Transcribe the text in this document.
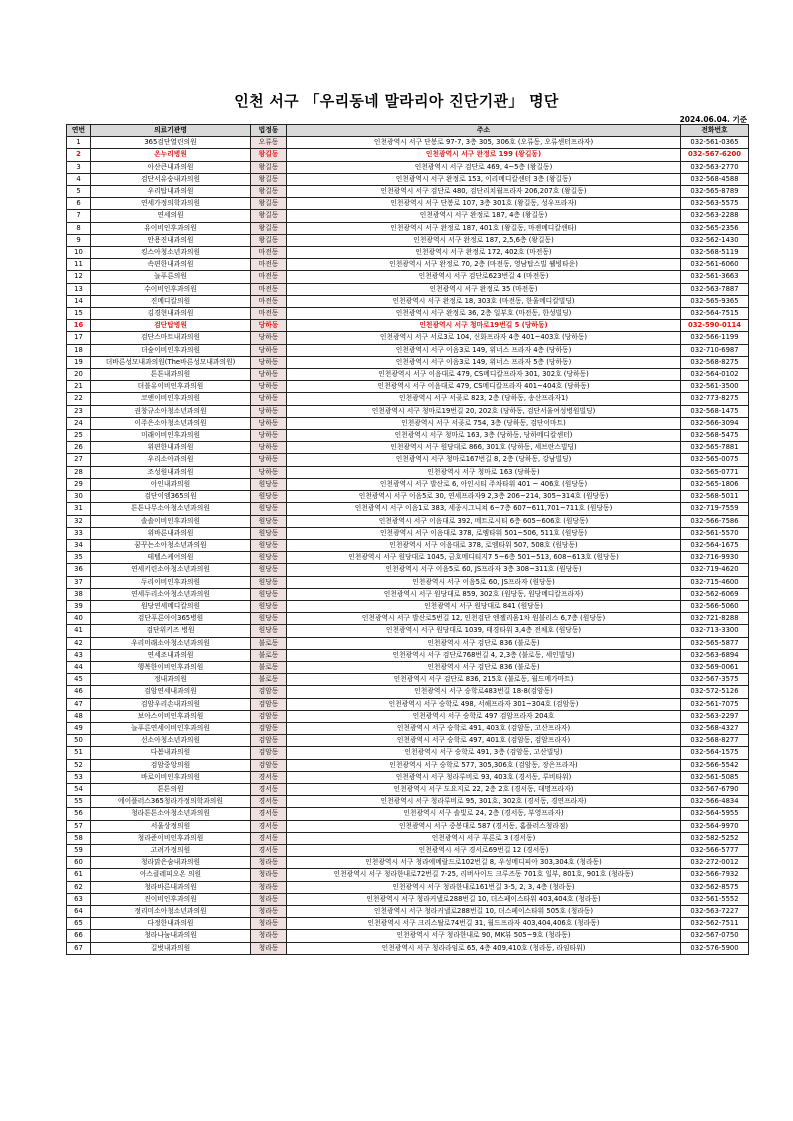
인천 서구 「우리동네 말라리아 진단기관」 명단
2024.06.04. 기준
연번	의료기관명	법정동	주소	전화번호
1	365검단열린의원	오류동	인천광역시 서구 단봉로 97-7, 3층 305, 306호 (오류동, 오류센터프라자)	032-561-0365
2	온누리병원	왕길동	인천광역시 서구 완정로 199 (왕길동)	032-567-6200
3	아산큰내과의원	왕길동	인천광역시 서구 검단로 469, 4~5층 (왕길동)	032-563-2770
4	검단서유숭내과의원	왕길동	인천광역시 서구 완정로 153, 이리메디칼센터 3층 (왕길동)	032-568-4588
5	우리탑내과의원	왕길동	인천광역시 서구 검단로 480, 검단리치월프라자 206,207호 (왕길동)	032-565-8789
6	연세가정의학과의원	왕길동	인천광역시 서구 단봉로 107, 3층 301호 (왕길동, 성우프라자)	032-563-5575
7	연세의원	왕길동	인천광역시 서구 완정로 187, 4층 (왕길동)	032-563-2288
8	유이비인후과의원	왕길동	인천광역시 서구 완정로 187, 401호 (왕길동, 마젠메디칼센타)	032-565-2356
9	안용진내과의원	왕길동	인천광역시 서구 완정로 187, 2,5,6층 (왕길동)	032-562-1430
10	킹스아청소년과의원	마전동	인천광역시 서구 완정로 172, 402호 (마전동)	032-568-5119
11	속편한내과의원	마전동	인천광역시 서구 완정로 70, 2층 (마전동, 영남탑스빌 웰빙타운)	032-561-6060
12	늘푸른의원	마전동	인천광역시 서구 검단로623번길 4 (마전동)	032-561-3663
13	수이비인후과의원	마전동	인천광역시 서구 완정로 35 (마전동)	032-563-7887
14	진메디칼의원	마전동	인천광역시 서구 완정로 18, 303호 (마전동, 한울메디칼빌딩)	032-565-9365
15	김경현내과의원	마전동	인천광역시 서구 완정로 36, 2층 일부호 (마전동, 한성빌딩)	032-564-7515
16	검단탑병원	당하동	인천광역시 서구 청마로19번길 5 (당하동)	032-590-0114
17	검단스마트내과의원	당하동	인천광역시 서구 서로3로 104, 신화프라자 4층 401~403호 (당하동)	032-566-1199
18	더숲이비인후과의원	당하동	인천광역시 서구 이음3로 149, 위너스 프라자 4층 (당하동)	032-710-6987
19	더바른성모내과의원(The바른성모내과의원)	당하동	인천광역시 서구 이음3로 149, 위너스 프라자 5층 (당하동)	032-568-8275
20	튼튼내과의원	당하동	인천광역시 서구 이음대로 479, CS메디칼프라자 301, 302호 (당하동)	032-564-0102
21	더블유이비인후과의원	당하동	인천광역시 서구 이음대로 479, CS메디칼프라자 401~404호 (당하동)	032-561-3500
22	코앤이비인후과의원	당하동	인천광역시 서구 서곶로 823, 2층 (당하동, 송산프라자1)	032-773-8275
23	권창규소아청소년과의원	당하동	인천광역시 서구 청마로19번길 20, 202호 (당하동, 검단서울여성병원빌딩)	032-568-1475
24	이주은소아청소년과의원	당하동	인천광역시 서구 서곶로 754, 3층 (당하동, 검단이마트)	032-566-3094
25	미래이비인후과의원	당하동	인천광역시 서구 청마로 163, 3층 (당하동, 당하메디칼센터)	032-568-5475
26	위편한내과의원	당하동	인천광역시 서구 원당대로 866, 301호 (당하동, 세브란스빌딩)	032-565-7881
27	우리소아과의원	당하동	인천광역시 서구 청마로167번길 8, 2층 (당하동, 강남빌딩)	032-565-0075
28	조성원내과의원	당하동	인천광역시 서구 청마로 163 (당하동)	032-565-0771
29	아인내과의원	원당동	인천광역시 서구 발산로 6, 아인시티 주차타워 401 ~ 406호 (원당동)	032-565-1806
30	검단이엠365의원	원당동	인천광역시 서구 이음5로 30, 연세프라자9 2,3층 206~214, 305~314호 (원당동)	032-568-5011
31	튼튼나무소아청소년과의원	원당동	인천광역시 서구 이음1로 383, 세종시그니쳐 6~7층 607~611,701~711호 (원당동)	032-719-7559
32	솔솔이비인후과의원	원당동	인천광역시 서구 이음대로 392, 메트로시티 6층 605~606호 (원당동)	032-566-7586
33	위바른내과의원	원당동	인천광역시 서구 이음대로 378, 로엠타워 501~506, 511호 (원당동)	032-561-5570
34	꿈꾸는소아청소년과의원	원당동	인천광역시 서구 이음대로 378, 로엠타워 507, 508호 (원당동)	032-564-1675
35	테텔스케어의원	원당동	인천광역시 서구 원당대로 1045, 금호메디티지7 5~6층 501~513, 608~613호 (원당동)	032-716-9930
36	연세키린소아청소년과의원	원당동	인천광역시 서구 이음5로 60, JS프라자 3층 308~311호 (원당동)	032-719-4620
37	두리이비인후과의원	원당동	인천광역시 서구 이음5로 60, JS프라자 (원당동)	032-715-4600
38	연세두리소아청소년과의원	원당동	인천광역시 서구 원당대로 859, 302호 (원당동, 원당메디칼프라자)	032-562-6069
39	원당연세메디칼의원	원당동	인천광역시 서구 원당대로 841 (원당동)	032-566-5060
40	검단푸른아이365병원	원당동	인천광역시 서구 발산로5번길 12, 인천검단 엔젤리움1차 원블리스 6,7층 (원당동)	032-721-8288
41	검단위키즈 병원	원당동	인천광역시 서구 원당대로 1039, 태경타워 3,4층 전체호 (원당동)	032-713-3300
42	우리미래소아청소년과의원	불로동	인천광역시 서구 검단로 836 (불로동)	032-565-5877
43	연세조내과의원	불로동	인천광역시 서구 검단로768번길 4, 2,3층 (불로동, 세인빌딩)	032-563-6894
44	행복한이비인후과의원	불로동	인천광역시 서구 검단로 836 (불로동)	032-569-0061
45	정내과의원	불로동	인천광역시 서구 검단로 836, 215호 (불로동, 월드메가마트)	032-567-3575
46	검암연세내과의원	검암동	인천광역시 서구 승학로483번길 18-8(검암동)	032-572-5126
47	검암우리손내과의원	검암동	인천광역시 서구 승학로 498, 서해프라자 301~304호 (검암동)	032-561-7075
48	보아스이비인후과의원	검암동	인천광역시 서구 승학로 497 검암프라자 204호	032-563-2297
49	늘푸른연세이비인후과의원	검암동	인천광역시 서구 승학로 491, 403호 (검암동, 고산프라자)	032-568-4327
50	선소아청소년과의원	검암동	인천광역시 서구 승학로 497, 401호 (검암동, 검암프라자)	032-568-8277
51	다봄내과의원	검암동	인천광역시 서구 승학로 491, 3층 (검암동, 고산빌딩)	032-564-1575
52	검암중앙의원	검암동	인천광역시 서구 승학로 577, 305,306호 (검암동, 장은프라자)	032-566-5542
53	바로이비인후과의원	경서동	인천광역시 서구 청라루비로 93, 403호 (경서동, 루비타워)	032-561-5085
54	튼튼의원	경서동	인천광역시 서구 도요지로 22, 2층 2호 (경서동, 대명프라자)	032-567-6790
55	에이플러스365청라가정의학과의원	경서동	인천광역시 서구 청라루비로 95, 301호, 302호 (경서동, 경연프라자)	032-566-4834
56	청라튼튼소아청소년과의원	경서동	인천광역시 서구 솔빛로 24, 2층 (경서동, 부영프라자)	032-564-5955
57	서울상정의원	경서동	인천광역시 서구 중봉대로 587 (경서동, 홈플러스청라점)	032-564-9970
58	청라준이비인후과의원	경서동	인천광역시 서구 푸른로 3 (경서동)	032-582-5252
59	고려가정의원	경서동	인천광역시 서구 경서로69번길 12 (경서동)	032-566-5777
60	청라맑은숨내과의원	청라동	인천광역시 서구 청라에메랄드로102번길 8, 우성메디피아 303,304호 (청라동)	032-272-0012
61	아스클레피오온 의원	청라동	인천광역시 서구 청라한내로72번길 7-25, 리버사이드 크루즈동 701호 일부, 801호, 901호 (청라동)	032-566-7932
62	청라바른내과의원	청라동	인천광역시 서구 청라한내로161번길 3-5, 2, 3, 4층 (청라동)	032-562-8575
63	진이비인후과의원	청라동	인천광역시 서구 청라커낼로288번길 10, 더스페이스타워 403,404호 (청라동)	032-561-5552
64	정리미소아청소년과의원	청라동	인천광역시 서구 청라커낼로288번길 10, 더스페이스타워 505호 (청라동)	032-563-7227
65	다정한내과의원	청라동	인천광역시 서구 크리스탈로74번길 31, 월드프라자 403,404,406호 (청라동)	032-562-7511
66	청라나눔내과의원	청라동	인천광역시 서구 청라한내로 90, MK뷰 505~9호 (청라동)	032-567-0750
67	길벗내과의원	청라동	인천광역시 서구 청라라임로 65, 4층 409,410호 (청라동, 라임타워)	032-576-5900
